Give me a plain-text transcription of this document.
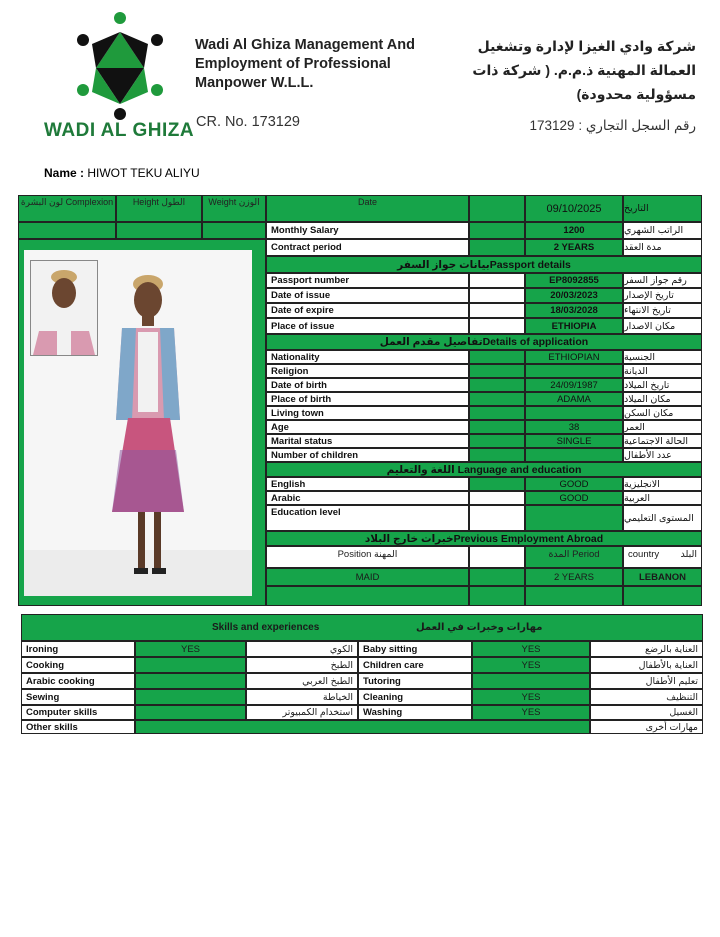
WADI AL GHIZA
Wadi Al Ghiza Management And Employment of Professional Manpower W.L.L.
CR. No. 173129
شركة وادي الغيزا لإدارة وتشغيل العمالة المهنية ذ.م.م. ( شركة ذات مسؤولية محدودة)
رقم السجل التجاري : 173129
Name : HIWOT TEKU ALIYU
لون البشرة Complexion	Height الطول	Weight الوزن	Date
09/10/2025	التاريخ
Monthly Salary	1200	الراتب الشهري
Contract period	2 YEARS	مدة العقد
بيانات جواز السفرPassport details
Passport number	EP8092855	رقم جواز السفر
Date of issue	20/03/2023	تاريخ الإصدار
Date of expire	18/03/2028	تاريخ الانتهاء
Place of issue	ETHIOPIA	مكان الاصدار
تفاصيل مقدم العملDetails of application
Nationality	ETHIOPIAN	الجنسية
Religion	الديانة
Date of birth	24/09/1987	تاريخ الميلاد
Place of birth	ADAMA	مكان الميلاد
Living town	مكان السكن
Age	38	العمر
Marital status	SINGLE	الحالة الاجتماعية
Number of children	عدد الأطفال
اللغة والتعليم Language and education
English	GOOD	الانجليزية
Arabic	GOOD	العربية
Education level	المستوى التعليمي
خبرات خارج البلادPrevious Employment Abroad
Position المهنة	المدة Period	country البلد
MAID	2 YEARS	LEBANON
Skills and experiences	مهارات وخبرات في العمل
Ironing	YES	الكوي	Baby sitting	YES	العناية بالرضع
Cooking	الطبخ	Children care	YES	العناية بالأطفال
Arabic cooking	الطبخ العربي	Tutoring	تعليم الأطفال
Sewing	الخياطة	Cleaning	YES	التنظيف
Computer skills	استخدام الكمبيوتر	Washing	YES	الغسيل
Other skills	مهارات أخرى
